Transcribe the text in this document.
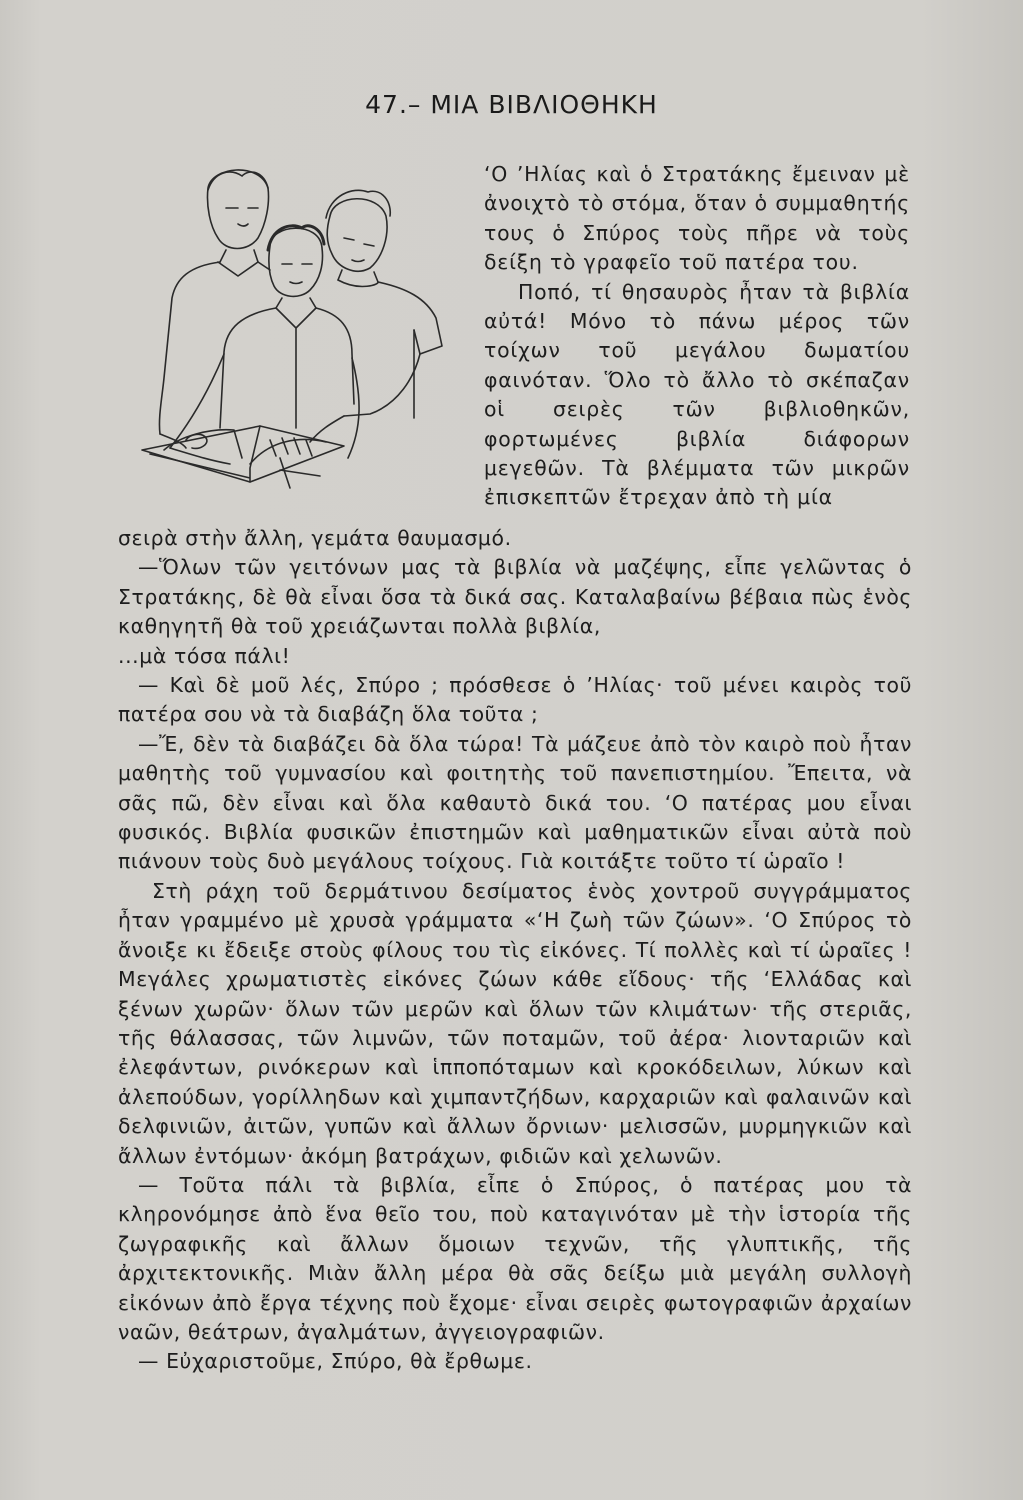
47.– ΜΙΑ ΒΙΒΛΙΟΘΗΚΗ

‘Ο ’Ηλίας καὶ ὁ Στρατάκης ἔμειναν μὲ ἀνοιχτὸ τὸ στόμα, ὅταν ὁ συμμαθητής τους ὁ Σπύρος τοὺς πῆρε νὰ τοὺς δείξη τὸ γραφεῖο τοῦ πατέρα του.

Ποπό, τί θησαυρὸς ἦταν τὰ βιβλία αὐτά! Μόνο τὸ πάνω μέρος τῶν τοίχων τοῦ μεγάλου δωματίου φαινόταν. Ὅλο τὸ ἄλλο τὸ σκέπαζαν οἱ σειρὲς τῶν βιβλιοθηκῶν, φορτωμένες βιβλία διάφορων μεγεθῶν. Τὰ βλέμματα τῶν μικρῶν ἐπισκεπτῶν ἔτρεχαν ἀπὸ τὴ μία

σειρὰ στὴν ἄλλη, γεμάτα θαυμασμό.

—Ὅλων τῶν γειτόνων μας τὰ βιβλία νὰ μαζέψης, εἶπε γελῶντας ὁ Στρατάκης, δὲ θὰ εἶναι ὅσα τὰ δικά σας. Καταλαβαίνω βέβαια πὼς ἑνὸς καθηγητῆ θὰ τοῦ χρειάζωνται πολλὰ βιβλία,

...μὰ τόσα πάλι!

— Καὶ δὲ μοῦ λές, Σπύρο ; πρόσθεσε ὁ ’Ηλίας· τοῦ μένει καιρὸς τοῦ πατέρα σου νὰ τὰ διαβάζη ὅλα τοῦτα ;

—Ἔ, δὲν τὰ διαβάζει δὰ ὅλα τώρα! Τὰ μάζευε ἀπὸ τὸν καιρὸ ποὺ ἦταν μαθητὴς τοῦ γυμνασίου καὶ φοιτητὴς τοῦ πανεπιστημίου. Ἔπειτα, νὰ σᾶς πῶ, δὲν εἶναι καὶ ὅλα καθαυτὸ δικά του. ‘Ο πατέρας μου εἶναι φυσικός. Βιβλία φυσικῶν ἐπιστημῶν καὶ μαθηματικῶν εἶναι αὐτὰ ποὺ πιάνουν τοὺς δυὸ μεγάλους τοίχους. Γιὰ κοιτάξτε τοῦτο τί ὡραῖο !

Στὴ ράχη τοῦ δερμάτινου δεσίματος ἑνὸς χοντροῦ συγγράμματος ἦταν γραμμένο μὲ χρυσὰ γράμματα «‘Η ζωὴ τῶν ζώων». ‘Ο Σπύρος τὸ ἄνοιξε κι ἔδειξε στοὺς φίλους του τὶς εἰκόνες. Τί πολλὲς καὶ τί ὡραῖες ! Μεγάλες χρωματιστὲς εἰκόνες ζώων κάθε εἴδους· τῆς ‘Ελλάδας καὶ ξένων χωρῶν· ὅλων τῶν μερῶν καὶ ὅλων τῶν κλιμάτων· τῆς στεριᾶς, τῆς θάλασσας, τῶν λιμνῶν, τῶν ποταμῶν, τοῦ ἀέρα· λιονταριῶν καὶ ἐλεφάντων, ρινόκερων καὶ ἱπποπόταμων καὶ κροκόδειλων, λύκων καὶ ἀλεπούδων, γορίλληδων καὶ χιμπαντζήδων, καρχαριῶν καὶ φαλαινῶν καὶ δελφινιῶν, ἀιτῶν, γυπῶν καὶ ἄλλων ὄρνιων· μελισσῶν, μυρμηγκιῶν καὶ ἄλλων ἐντόμων· ἀκόμη βατράχων, φιδιῶν καὶ χελωνῶν.

— Τοῦτα πάλι τὰ βιβλία, εἶπε ὁ Σπύρος, ὁ πατέρας μου τὰ κληρονόμησε ἀπὸ ἕνα θεῖο του, ποὺ καταγινόταν μὲ τὴν ἱστορία τῆς ζωγραφικῆς καὶ ἄλλων ὅμοιων τεχνῶν, τῆς γλυπτικῆς, τῆς ἀρχιτεκτονικῆς. Μιὰν ἄλλη μέρα θὰ σᾶς δείξω μιὰ μεγάλη συλλογὴ εἰκόνων ἀπὸ ἔργα τέχνης ποὺ ἔχομε· εἶναι σειρὲς φωτογραφιῶν ἀρχαίων ναῶν, θεάτρων, ἀγαλμάτων, ἀγγειογραφιῶν.

— Εὐχαριστοῦμε, Σπύρο, θὰ ἔρθωμε.
